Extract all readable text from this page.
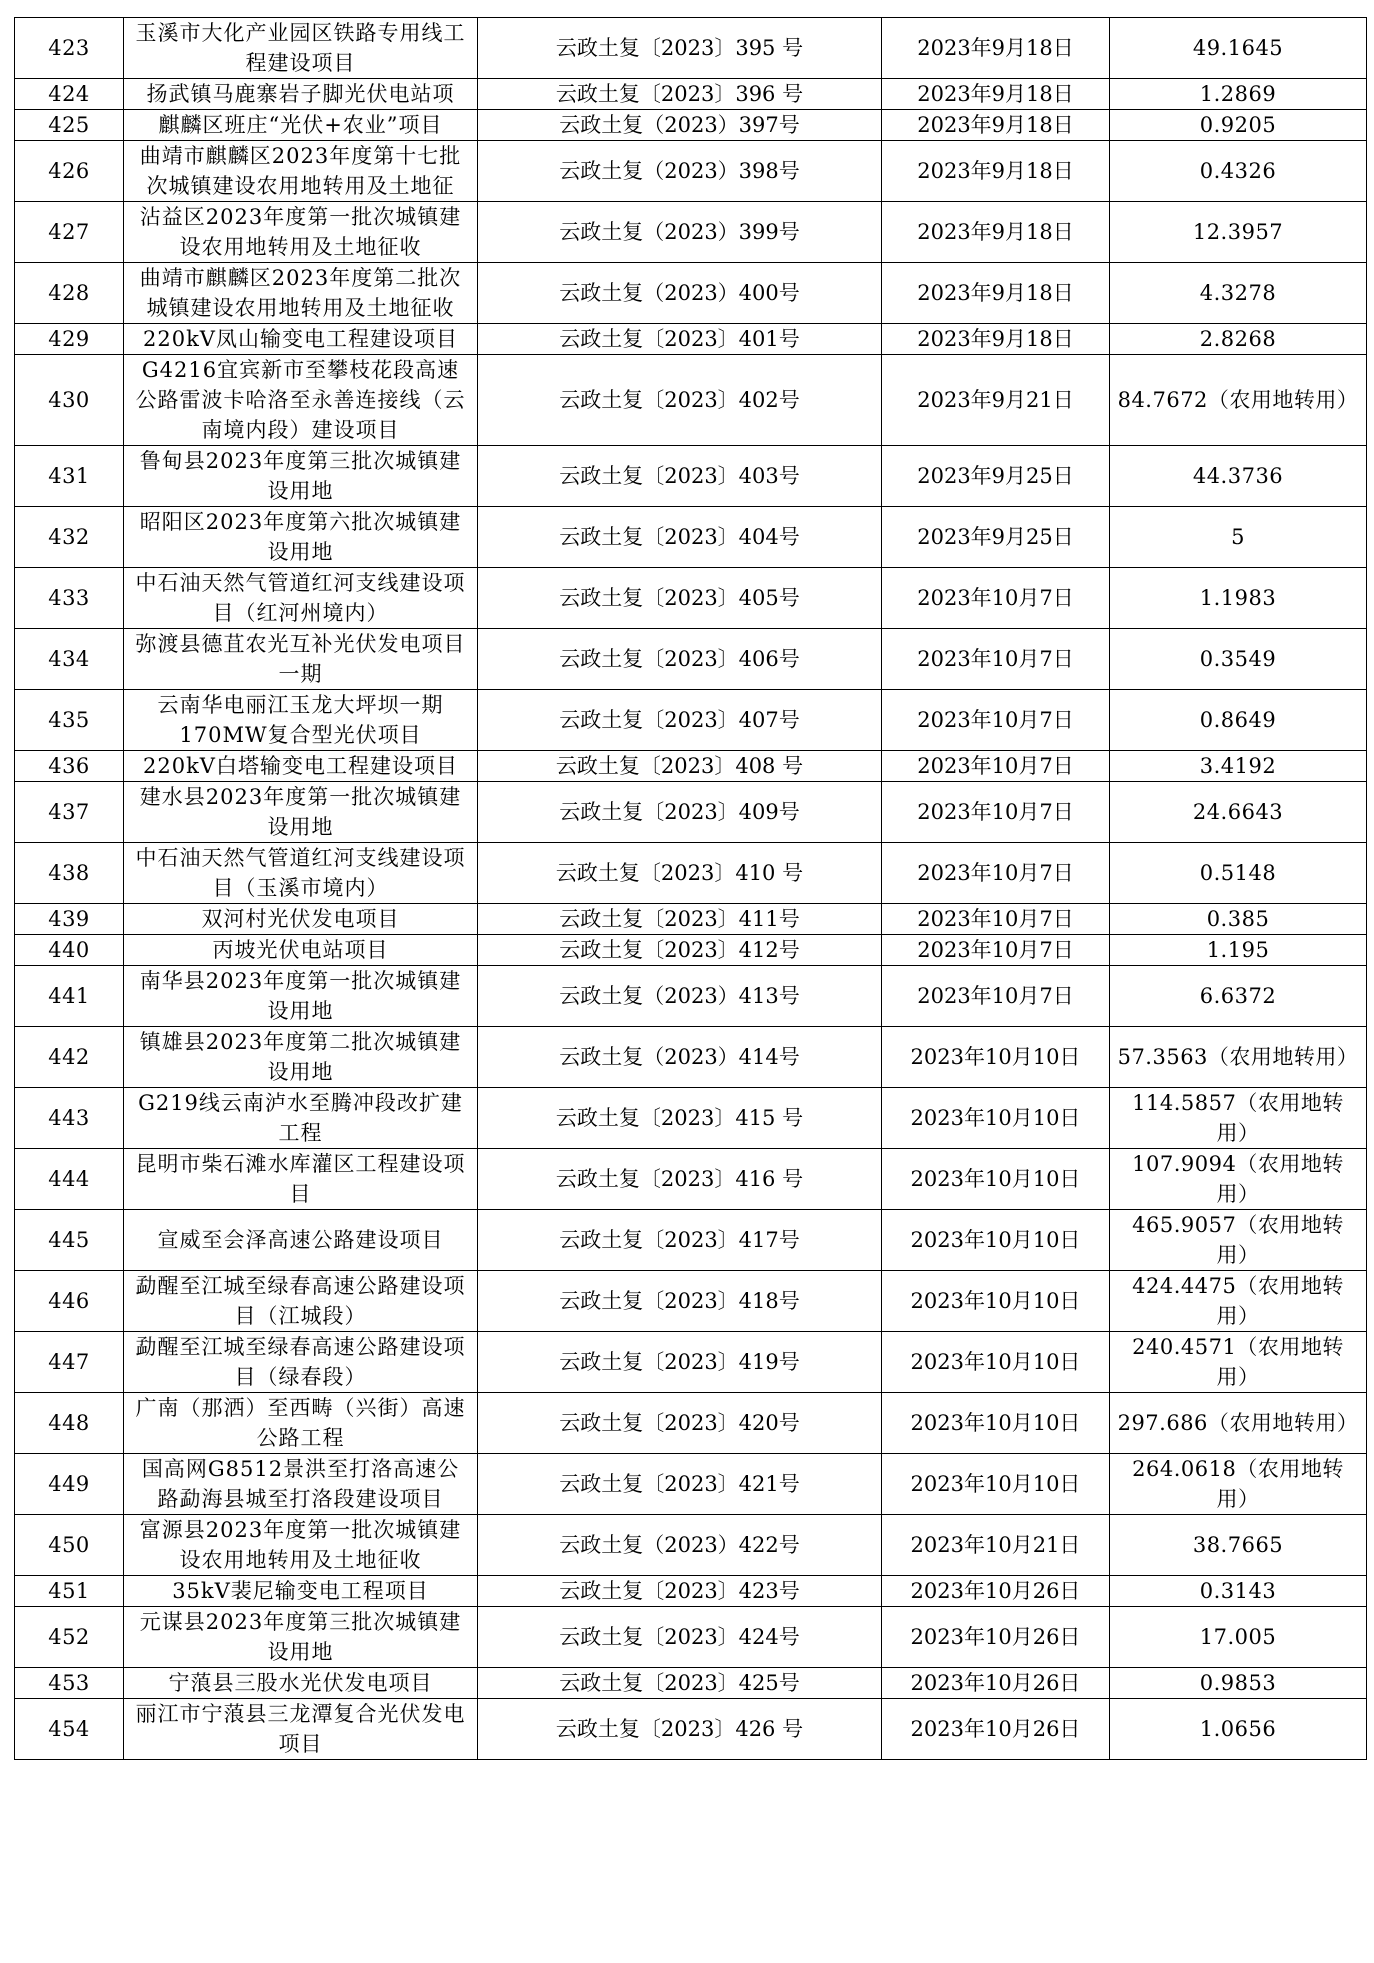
423	玉溪市大化产业园区铁路专用线工程建设项目	云政土复〔2023〕395 号	2023年9月18日	49.1645
424	扬武镇马鹿寨岩子脚光伏电站项	云政土复〔2023〕396 号	2023年9月18日	1.2869
425	麒麟区班庄“光伏+农业”项目	云政土复（2023）397号	2023年9月18日	0.9205
426	曲靖市麒麟区2023年度第十七批次城镇建设农用地转用及土地征	云政土复（2023）398号	2023年9月18日	0.4326
427	沾益区2023年度第一批次城镇建设农用地转用及土地征收	云政土复（2023）399号	2023年9月18日	12.3957
428	曲靖市麒麟区2023年度第二批次城镇建设农用地转用及土地征收	云政土复（2023）400号	2023年9月18日	4.3278
429	220kV凤山输变电工程建设项目	云政土复〔2023〕401号	2023年9月18日	2.8268
430	G4216宜宾新市至攀枝花段高速公路雷波卡哈洛至永善连接线（云南境内段）建设项目	云政土复〔2023〕402号	2023年9月21日	84.7672（农用地转用）
431	鲁甸县2023年度第三批次城镇建设用地	云政土复〔2023〕403号	2023年9月25日	44.3736
432	昭阳区2023年度第六批次城镇建设用地	云政土复〔2023〕404号	2023年9月25日	5
433	中石油天然气管道红河支线建设项目（红河州境内）	云政土复〔2023〕405号	2023年10月7日	1.1983
434	弥渡县德苴农光互补光伏发电项目一期	云政土复〔2023〕406号	2023年10月7日	0.3549
435	云南华电丽江玉龙大坪坝一期170MW复合型光伏项目	云政土复〔2023〕407号	2023年10月7日	0.8649
436	220kV白塔输变电工程建设项目	云政土复〔2023〕408 号	2023年10月7日	3.4192
437	建水县2023年度第一批次城镇建设用地	云政土复〔2023〕409号	2023年10月7日	24.6643
438	中石油天然气管道红河支线建设项目（玉溪市境内）	云政土复〔2023〕410 号	2023年10月7日	0.5148
439	双河村光伏发电项目	云政土复〔2023〕411号	2023年10月7日	0.385
440	丙坡光伏电站项目	云政土复〔2023〕412号	2023年10月7日	1.195
441	南华县2023年度第一批次城镇建设用地	云政土复（2023）413号	2023年10月7日	6.6372
442	镇雄县2023年度第二批次城镇建设用地	云政土复（2023）414号	2023年10月10日	57.3563（农用地转用）
443	G219线云南泸水至腾冲段改扩建工程	云政土复〔2023〕415 号	2023年10月10日	114.5857（农用地转用）
444	昆明市柴石滩水库灌区工程建设项目	云政土复〔2023〕416 号	2023年10月10日	107.9094（农用地转用）
445	宣威至会泽高速公路建设项目	云政土复〔2023〕417号	2023年10月10日	465.9057（农用地转用）
446	勐醒至江城至绿春高速公路建设项目（江城段）	云政土复〔2023〕418号	2023年10月10日	424.4475（农用地转用）
447	勐醒至江城至绿春高速公路建设项目（绿春段）	云政土复〔2023〕419号	2023年10月10日	240.4571（农用地转用）
448	广南（那洒）至西畴（兴街）高速公路工程	云政土复〔2023〕420号	2023年10月10日	297.686（农用地转用）
449	国高网G8512景洪至打洛高速公路勐海县城至打洛段建设项目	云政土复〔2023〕421号	2023年10月10日	264.0618（农用地转用）
450	富源县2023年度第一批次城镇建设农用地转用及土地征收	云政土复（2023）422号	2023年10月21日	38.7665
451	35kV裴尼输变电工程项目	云政土复〔2023〕423号	2023年10月26日	0.3143
452	元谋县2023年度第三批次城镇建设用地	云政土复〔2023〕424号	2023年10月26日	17.005
453	宁蒗县三股水光伏发电项目	云政土复〔2023〕425号	2023年10月26日	0.9853
454	丽江市宁蒗县三龙潭复合光伏发电项目	云政土复〔2023〕426 号	2023年10月26日	1.0656
